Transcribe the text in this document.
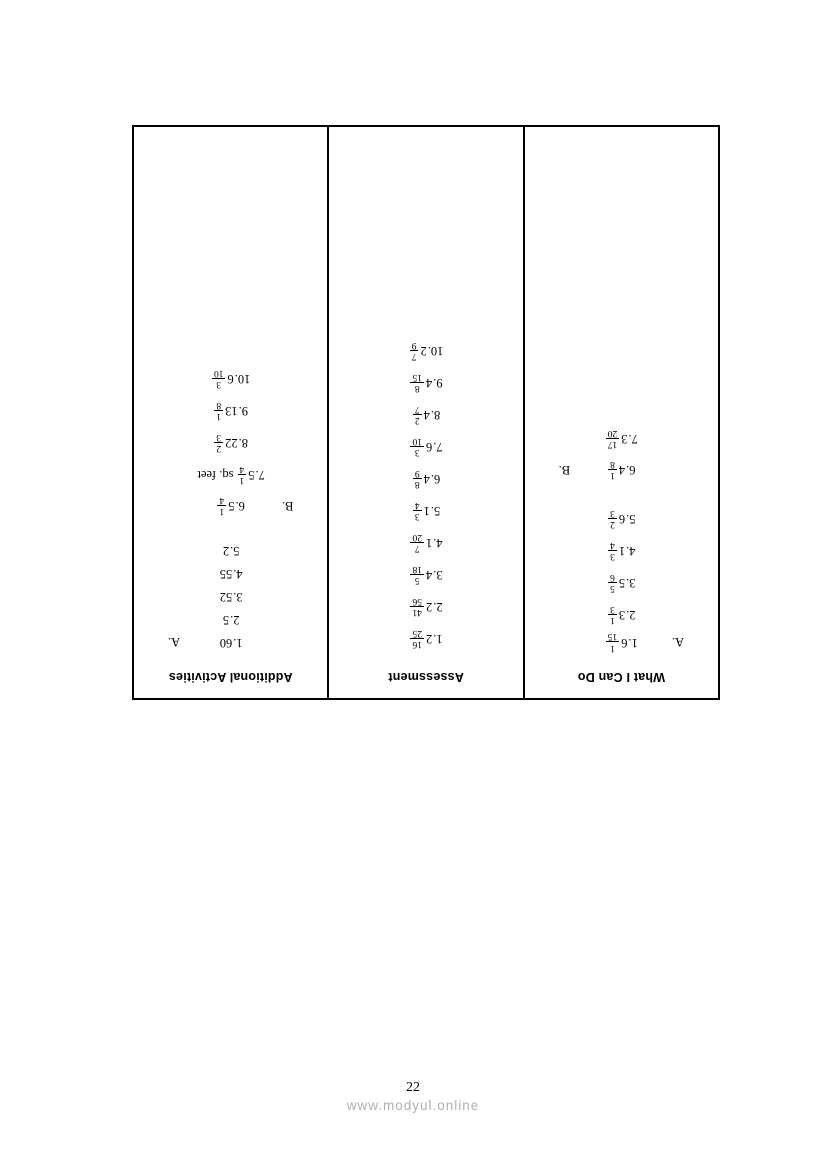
What I Can Do
A.
1.
6
1
15
2.
3
1
3
3.
5
5
6
4.
1
3
4
5.
6
2
3
B.	6.
4
1
8
7.
3
17
20
Assessment
1.
2
16
25
2.
2
41
56
3.
4
5
18
4.
1
7
20
5.
1
3
4
6.
4
8
9
7.
6
3
10
8.
4
2
7
9.
4
8
15
10.
2
7
9
Additional Activities
A.	1.
60
2.
5
3.
52
4.
55
5.
2
B.
6.
5
1
4
7.
5
1
4
sq. feet
8.
22
2
3
9.
13
1
8
10.
6
3
10
22
www.modyul.online
